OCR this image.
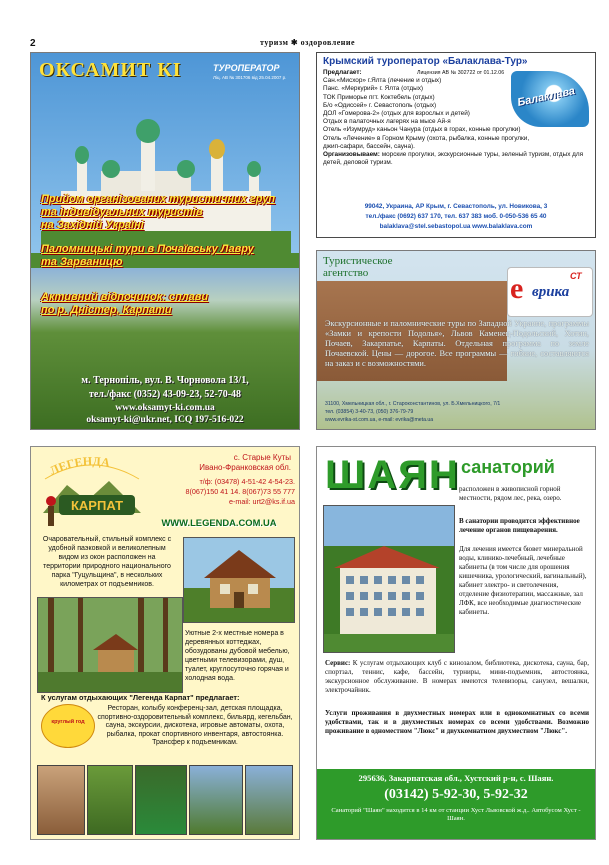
2	туризм ✱ оздоровление
ОКСАМИТ КІ	ТУРОПЕРАТОР
Лiц. АВ № 301706 вiд 25.04.2007 р.
Прийом організованих туристичних груп
та індивідуальних туристів
на Західній Україні
Паломницькі тури в Почаївську Лавру
та Зарваницю
Активний відпочинок: сплави
по р. Дністер, Карпати
м. Тернопіль, вул. В. Чорновола 13/1,
тел./факс (0352) 43-09-23, 52-70-48
www.oksamyt-ki.com.ua
oksamyt-ki@ukr.net, ICQ 197-516-022
Крымский туроператор «Балаклава-Тур»
Балаклава
Предлагает:	Лицензия АВ № 302722 от 01.12.06
Сан.«Мисхор» г.Ялта (лечение и отдых)
Панс. «Меркурий» г. Ялта (отдых)
ТОК Приморье пгт. Коктебель (отдых)
Б/о «Одиссей» г. Севастополь (отдых)
ДОЛ «Гомерова-2» (отдых для взрослых и детей)
Отдых в палаточных лагерях на мысе Ай-я
Отель «Изумруд» каньон Чанура (отдых в горах, конные прогулки)
Отель «Лечение» в Горном Крыму (охота, рыбалка, конные прогулки,
джип-сафари, бассейн, сауна).
Организовываем: морские прогулки, экскурсионные туры, зеленый туризм, отдых для детей, деловой туризм.
99042, Украина, АР Крым, г. Севастополь, ул. Новикова, 3
тел./факс (0692) 637 170, тел. 637 383 моб. 0-050-536 65 40
balaklava@stel.sebastopol.ua www.balaklava.com
Туристическое
агентство	е врика
СТ
Экскурсионные и паломнические туры по Западной Украине, программы «Замки и крепости Подолья», Львов Каменец-Подольский, Хотин, Почаев, Закарпатье, Карпаты. Отдельная программа по земле Почаевской. Цены — дорогое. Все программы — гибкие, составляются на заказ и с возможностями.
31100, Хмельницкая обл., г. Староконстантинов, ул. Б.Хмельницкого, 7/1
тел. (03854) 3-40-73, (050) 376-79-79
www.evrika-st.com.ua, e-mail: evrika@meta.ua
ЛЕГЕНДА
КАРПАТ
с. Старые Куты
Ивано-Франковская обл.
т/ф: (03478) 4-51-42 4-54-23.
8(067)150 41 14. 8(067)73 55 777
e-mail: urt2@ks.if.ua
WWW.LEGENDA.COM.UA
Очаровательный, стильный комплекс с удобной паэковкой и великолепным видом из окон расположен на территории природного национального парка "Гуцульщина", в нескольких километрах от подъемников.
Уютные 2-х местные номера в деревянных коттеджах, обозудованы дубовой мебелью, цветными телевизорами, душ, туалет, круглосуточно горячая и холодная вода.
К услугам отдыхающих "Легенда Карпат" предлагает:
круглый год
Ресторан, колыбу конференц-зал, детская площадка, спортивно-оздоровительный комплекс, бильярд, кегельбан, сауна, экскурсии, дискотека, игровые автоматы, охота, рыбалка, прокат спортивного инвентаря, автостоянка. Трансфер к подъемникам.
ШАЯН санаторий
расположен в живописной горной местности, рядом лес, река, озеро.
В санатории проводится эффективное лечение органов пищеварения.
Для лечения имеется бювет минеральной воды, клинико-лечебный, лечебные кабинеты (в том числе для орошения кишечника, урологический, вагинальный), кабинет электро- и светолечения, отделение физиотерапии, массажные, зал ЛФК, все необходимые диагностические кабинеты.
Сервис: К услугам отдыхающих клуб с кинозалом, библиотека, дискотека, сауна, бар, спортзал, теннис, кафе, бассейн, турниры, мини-подъемник, автостоянка, экскурсионное обслуживание. В номерах имеются телевизоры, санузел, вешалки, электрочайник.
Услуги проживания в двухместных номерах или в однокомнатных со всеми удобствами, так и в двухместных номерах со всеми удобствами. Возможно проживание в одноместном "Люкс" и двухкомнатном двухместном "Люкс".
295636, Закарпатская обл., Хустский р-н, с. Шаян.
(03142) 5-92-30, 5-92-32
Санаторий "Шаян" находится в 14 км от станции Хуст Львовской ж.д.. Автобусом Хуст - Шаян.
